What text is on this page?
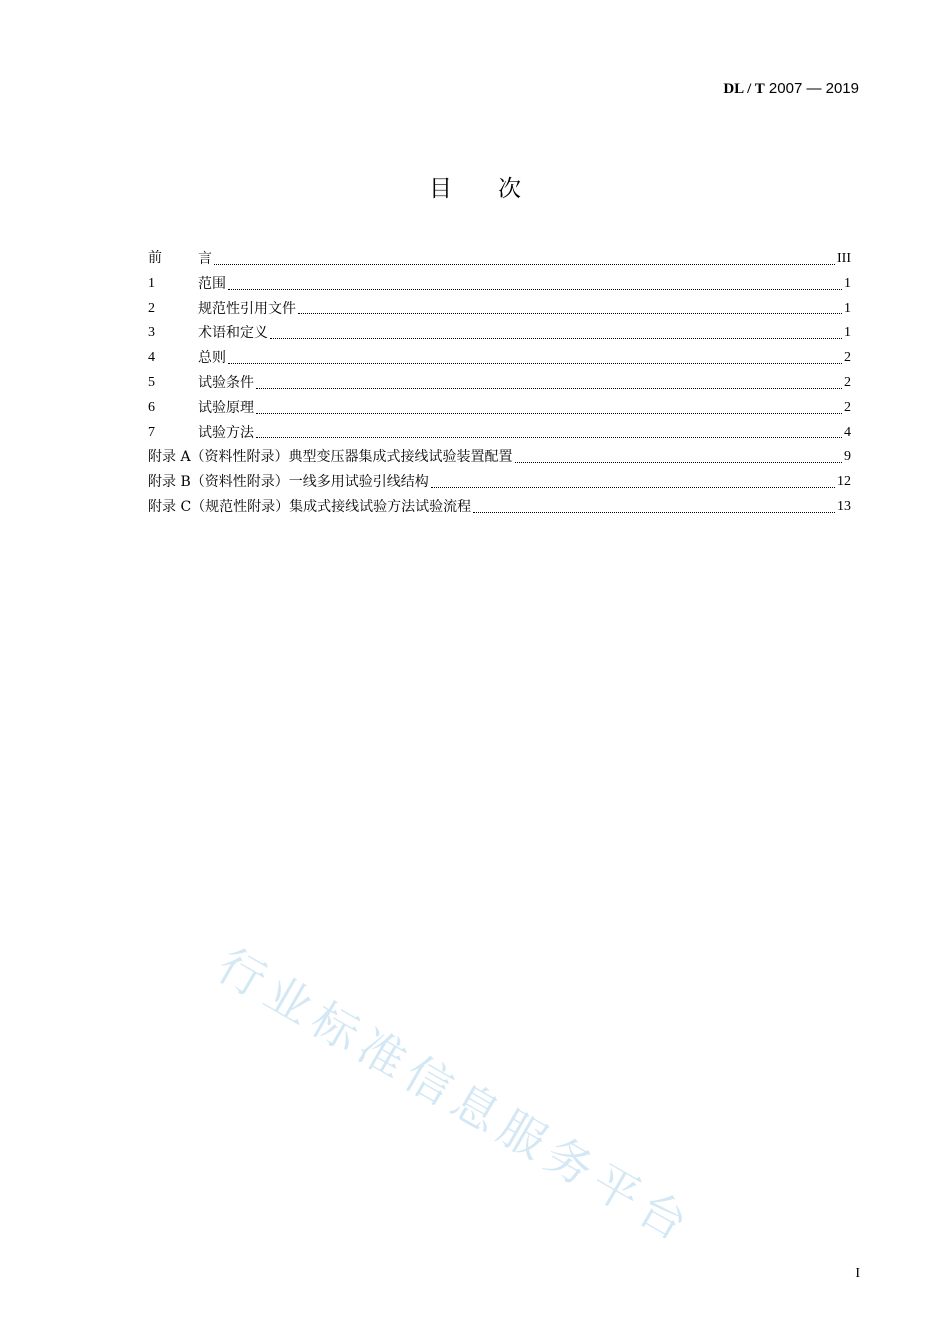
DL / T 2007 — 2019
目　　次
前	言	III
1	范围	1
2	规范性引用文件	1
3	术语和定义	1
4	总则	2
5	试验条件	2
6	试验原理	2
7	试验方法	4
附录 A（资料性附录）典型变压器集成式接线试验装置配置	9
附录 B（资料性附录）一线多用试验引线结构	12
附录 C（规范性附录）集成式接线试验方法试验流程	13
行业标准信息服务平台
I
